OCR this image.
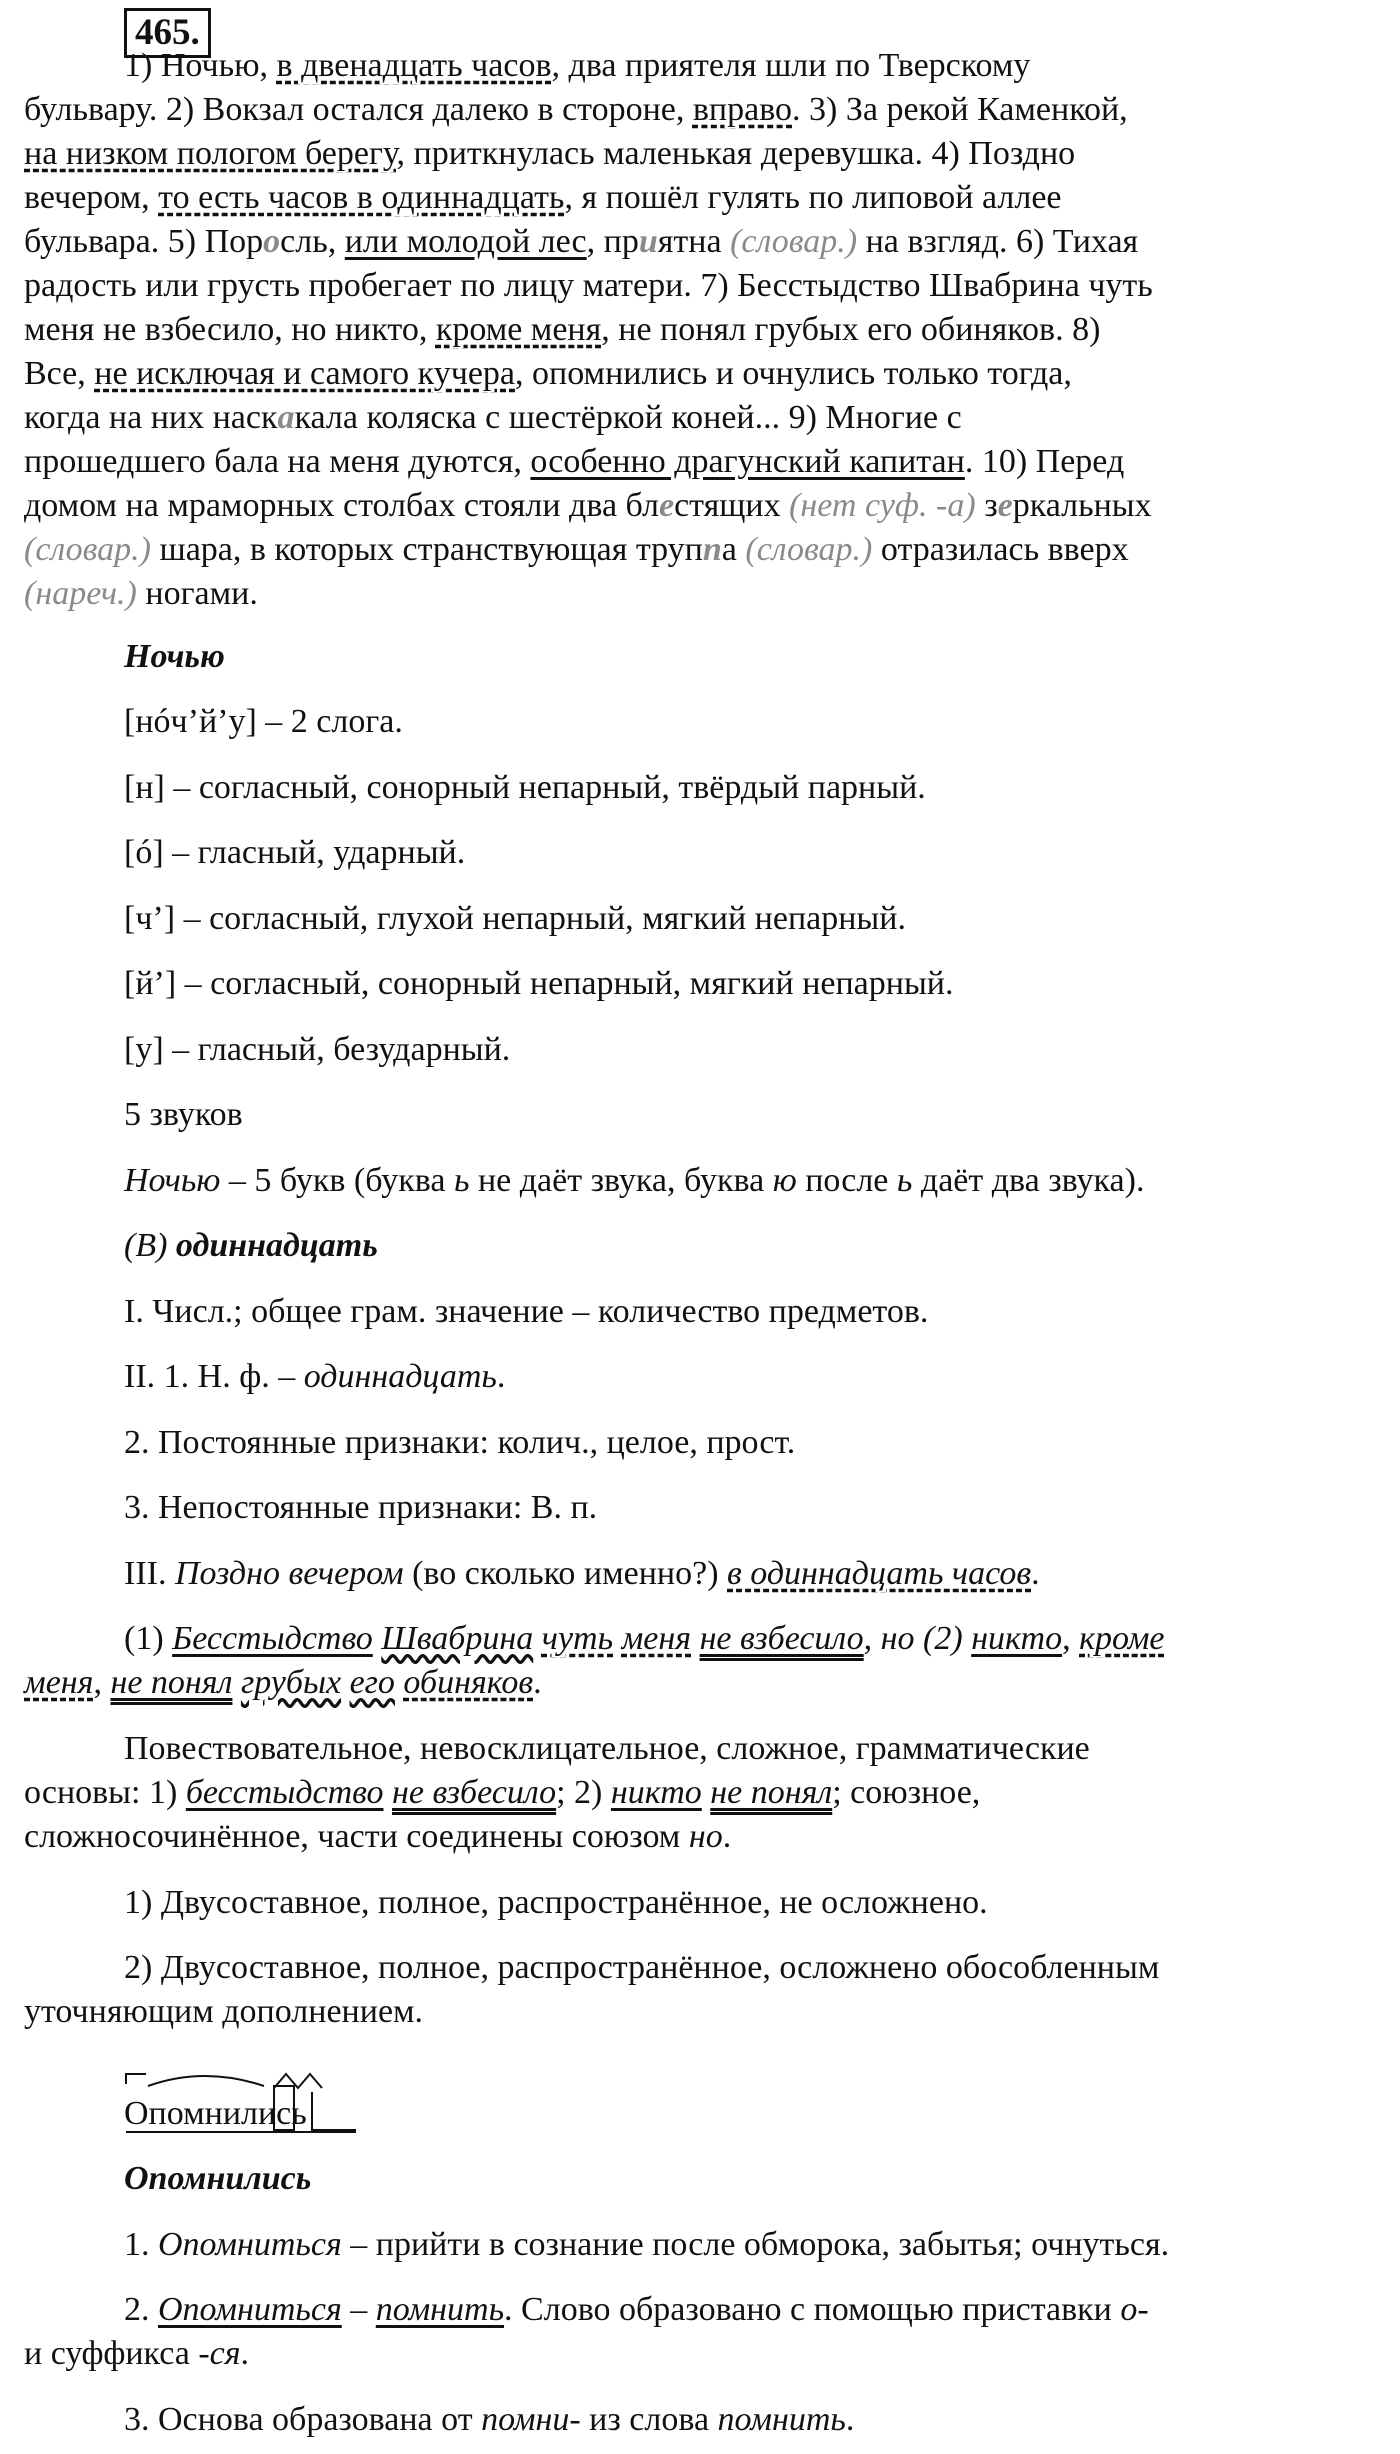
465.
1) Ночью, в двенадцать часов, два приятеля шли по Тверскому
бульвару. 2) Вокзал остался далеко в стороне, вправо. 3) За рекой Каменкой,
на низком пологом берегу, приткнулась маленькая деревушка. 4) Поздно
вечером, то есть часов в одиннадцать, я пошёл гулять по липовой аллее
бульвара. 5) Поросль, или молодой лес, приятна (словар.) на взгляд. 6) Тихая
радость или грусть пробегает по лицу матери. 7) Бесстыдство Швабрина чуть
меня не взбесило, но никто, кроме меня, не понял грубых его обиняков. 8)
Все, не исключая и самого кучера, опомнились и очнулись только тогда,
когда на них наскакала коляска с шестёркой коней... 9) Многие с
прошедшего бала на меня дуются, особенно драгунский капитан. 10) Перед
домом на мраморных столбах стояли два блестящих (нет суф. -а) зеркальных
(словар.) шара, в которых странствующая труппа (словар.) отразилась вверх
(нареч.) ногами.
Ночью
[нóч’й’у] – 2 слога.
[н] – согласный, сонорный непарный, твёрдый парный.
[ó] – гласный, ударный.
[ч’] – согласный, глухой непарный, мягкий непарный.
[й’] – согласный, сонорный непарный, мягкий непарный.
[у] – гласный, безударный.
5 звуков
Ночью – 5 букв (буква ь не даёт звука, буква ю после ь даёт два звука).
(В) одиннадцать
I. Числ.; общее грам. значение – количество предметов.
II. 1. Н. ф. – одиннадцать.
2. Постоянные признаки: колич., целое, прост.
3. Непостоянные признаки: В. п.
III. Поздно вечером (во сколько именно?) в одиннадцать часов.
(1) Бесстыдство Швабрина чуть меня не взбесило, но (2) никто, кроме
меня, не понял грубых его обиняков.
Повествовательное, невосклицательное, сложное, грамматические
основы: 1) бесстыдство не взбесило; 2) никто не понял; союзное,
сложносочинённое, части соединены союзом но.
1) Двусоставное, полное, распространённое, не осложнено.
2) Двусоставное, полное, распространённое, осложнено обособленным
уточняющим дополнением.
Опомнились
Опомнились
1. Опомниться – прийти в сознание после обморока, забытья; очнуться.
2. Опомниться – помнить. Слово образовано с помощью приставки о-
и суффикса -ся.
3. Основа образована от помни- из слова помнить.
